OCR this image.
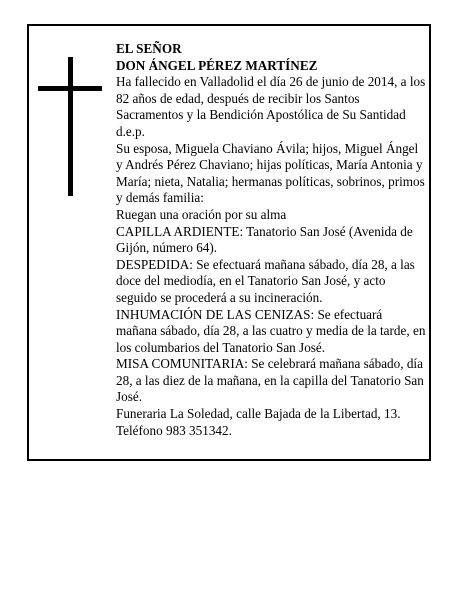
EL SEÑOR

DON ÁNGEL PÉREZ MARTÍNEZ

Ha fallecido en Valladolid el día 26 de junio de 2014, a los 82 años de edad, después de recibir los Santos Sacramentos y la Bendición Apostólica de Su Santidad d.e.p.

Su esposa, Miguela Chaviano Ávila; hijos, Miguel Ángel y Andrés Pérez Chaviano; hijas políticas, María Antonia y María; nieta, Natalia; hermanas políticas, sobrinos, primos y demás familia:

Ruegan una oración por su alma

CAPILLA ARDIENTE: Tanatorio San José (Avenida de Gijón, número 64).

DESPEDIDA: Se efectuará mañana sábado, día 28, a las doce del mediodía, en el Tanatorio San José, y acto seguido se procederá a su incineración.

INHUMACIÓN DE LAS CENIZAS: Se efectuará mañana sábado, día 28, a las cuatro y media de la tarde, en los columbarios del Tanatorio San José.

MISA COMUNITARIA: Se celebrará mañana sábado, día 28, a las diez de la mañana, en la capilla del Tanatorio San José.

Funeraria La Soledad, calle Bajada de la Libertad, 13. Teléfono 983 351342.
